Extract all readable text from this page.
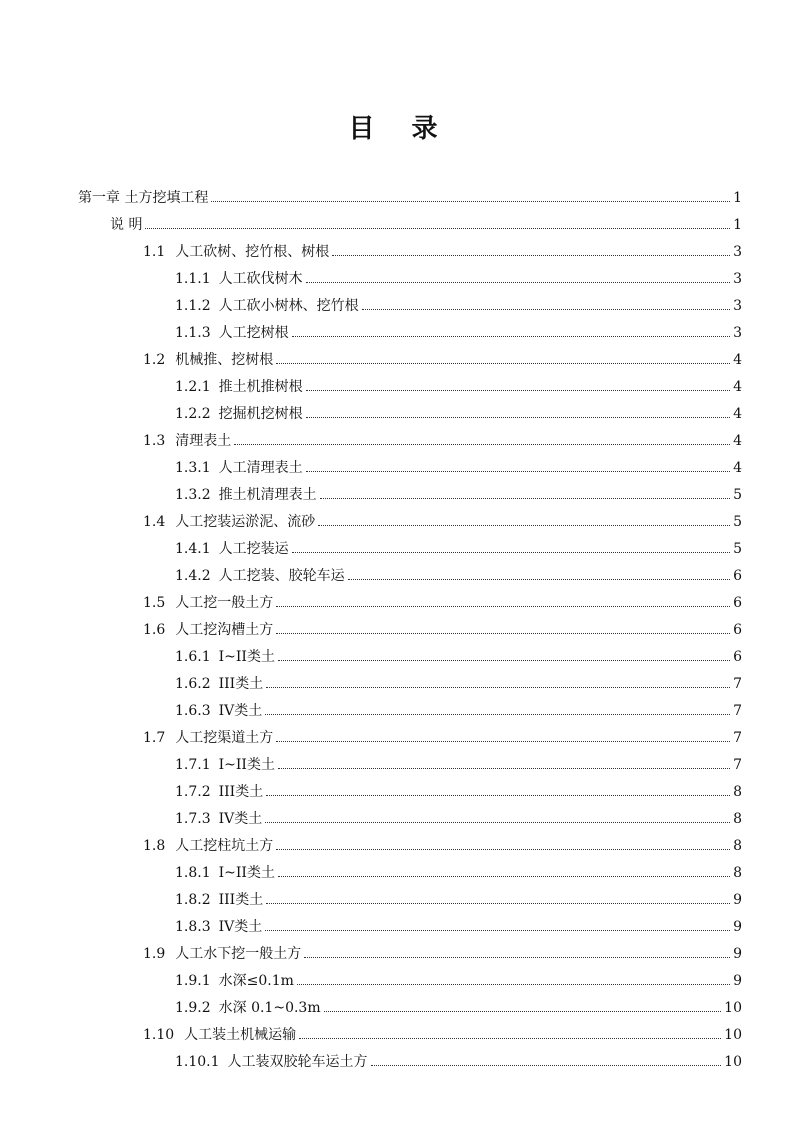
目 录
第一章 土方挖填工程	1
说 明	1
1.1 人工砍树、挖竹根、树根	3
1.1.1 人工砍伐树木	3
1.1.2 人工砍小树林、挖竹根	3
1.1.3 人工挖树根	3
1.2 机械推、挖树根	4
1.2.1 推土机推树根	4
1.2.2 挖掘机挖树根	4
1.3 清理表土	4
1.3.1 人工清理表土	4
1.3.2 推土机清理表土	5
1.4 人工挖装运淤泥、流砂	5
1.4.1 人工挖装运	5
1.4.2 人工挖装、胶轮车运	6
1.5 人工挖一般土方	6
1.6 人工挖沟槽土方	6
1.6.1 I~II类土	6
1.6.2 III类土	7
1.6.3 IV类土	7
1.7 人工挖渠道土方	7
1.7.1 I~II类土	7
1.7.2 III类土	8
1.7.3 IV类土	8
1.8 人工挖柱坑土方	8
1.8.1 I~II类土	8
1.8.2 III类土	9
1.8.3 IV类土	9
1.9 人工水下挖一般土方	9
1.9.1 水深≤0.1m	9
1.9.2 水深 0.1~0.3m	10
1.10 人工装土机械运输	10
1.10.1 人工装双胶轮车运土方	10
